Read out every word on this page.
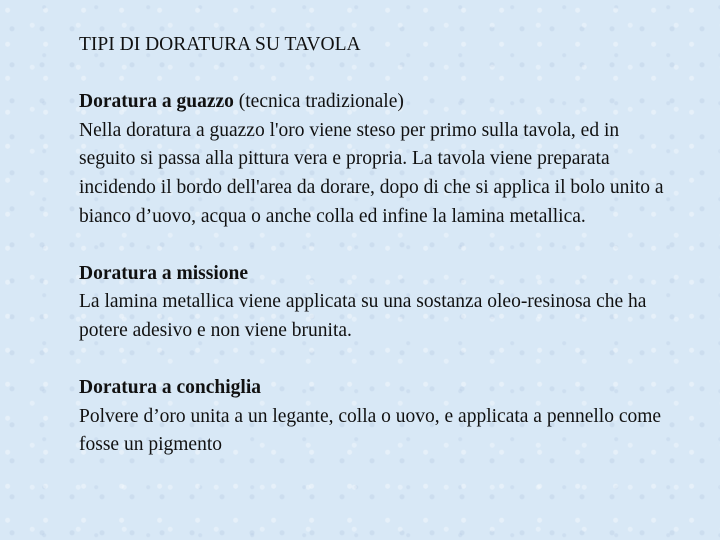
TIPI DI DORATURA SU TAVOLA
Doratura a guazzo (tecnica tradizionale)
Nella doratura a guazzo l'oro viene steso per primo sulla tavola, ed in seguito si passa alla pittura vera e propria. La tavola viene preparata incidendo il bordo dell'area da dorare, dopo di che si applica il bolo unito a bianco d’uovo, acqua o anche colla ed infine la lamina metallica.
Doratura a missione
La lamina metallica viene applicata su una sostanza oleo-resinosa che ha potere adesivo e non viene brunita.
Doratura a conchiglia
Polvere d’oro unita a un legante, colla o uovo, e applicata a pennello come fosse un pigmento
